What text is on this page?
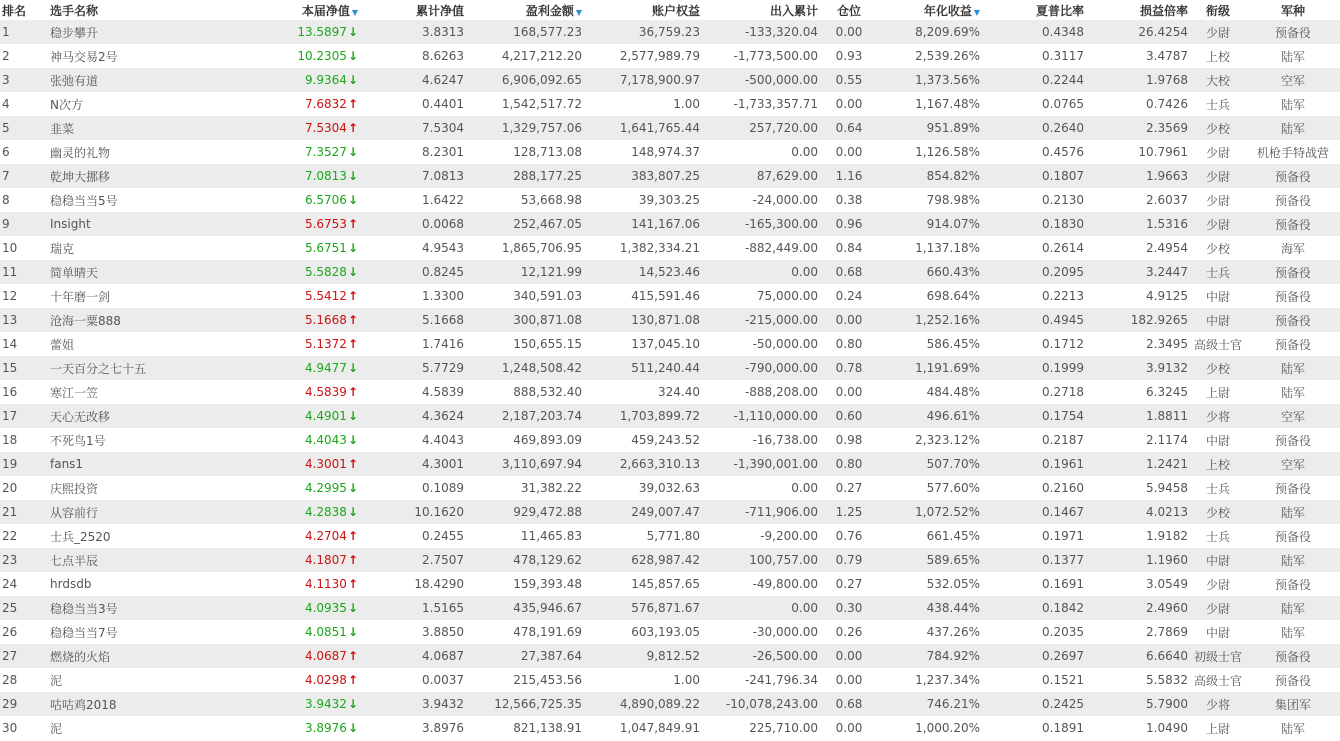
排名	选手名称	本届净值 ▼	累计净值	盈利金额 ▼	账户权益	出入累计	仓位	年化收益 ▼	夏普比率	损益倍率	衔级	军种
1	稳步攀升	13.5897↓	3.8313	168,577.23	36,759.23	-133,320.04	0.00	8,209.69%	0.4348	26.4254	少尉	预备役
2	神马交易2号	10.2305↓	8.6263	4,217,212.20	2,577,989.79	-1,773,500.00	0.93	2,539.26%	0.3117	3.4787	上校	陆军
3	张弛有道	9.9364↓	4.6247	6,906,092.65	7,178,900.97	-500,000.00	0.55	1,373.56%	0.2244	1.9768	大校	空军
4	N次方	7.6832↑	0.4401	1,542,517.72	1.00	-1,733,357.71	0.00	1,167.48%	0.0765	0.7426	士兵	陆军
5	韭菜	7.5304↑	7.5304	1,329,757.06	1,641,765.44	257,720.00	0.64	951.89%	0.2640	2.3569	少校	陆军
6	幽灵的礼物	7.3527↓	8.2301	128,713.08	148,974.37	0.00	0.00	1,126.58%	0.4576	10.7961	少尉	机枪手特战营
7	乾坤大挪移	7.0813↓	7.0813	288,177.25	383,807.25	87,629.00	1.16	854.82%	0.1807	1.9663	少尉	预备役
8	稳稳当当5号	6.5706↓	1.6422	53,668.98	39,303.25	-24,000.00	0.38	798.98%	0.2130	2.6037	少尉	预备役
9	Insight	5.6753↑	0.0068	252,467.05	141,167.06	-165,300.00	0.96	914.07%	0.1830	1.5316	少尉	预备役
10	瑞克	5.6751↓	4.9543	1,865,706.95	1,382,334.21	-882,449.00	0.84	1,137.18%	0.2614	2.4954	少校	海军
11	简单晴天	5.5828↓	0.8245	12,121.99	14,523.46	0.00	0.68	660.43%	0.2095	3.2447	士兵	预备役
12	十年磨一剑	5.5412↑	1.3300	340,591.03	415,591.46	75,000.00	0.24	698.64%	0.2213	4.9125	中尉	预备役
13	沧海一粟888	5.1668↑	5.1668	300,871.08	130,871.08	-215,000.00	0.00	1,252.16%	0.4945	182.9265	中尉	预备役
14	蕾姐	5.1372↑	1.7416	150,655.15	137,045.10	-50,000.00	0.80	586.45%	0.1712	2.3495	高级士官	预备役
15	一天百分之七十五	4.9477↓	5.7729	1,248,508.42	511,240.44	-790,000.00	0.78	1,191.69%	0.1999	3.9132	少校	陆军
16	寒江一笠	4.5839↑	4.5839	888,532.40	324.40	-888,208.00	0.00	484.48%	0.2718	6.3245	上尉	陆军
17	天心无改移	4.4901↓	4.3624	2,187,203.74	1,703,899.72	-1,110,000.00	0.60	496.61%	0.1754	1.8811	少将	空军
18	不死鸟1号	4.4043↓	4.4043	469,893.09	459,243.52	-16,738.00	0.98	2,323.12%	0.2187	2.1174	中尉	预备役
19	fans1	4.3001↑	4.3001	3,110,697.94	2,663,310.13	-1,390,001.00	0.80	507.70%	0.1961	1.2421	上校	空军
20	庆熙投资	4.2995↓	0.1089	31,382.22	39,032.63	0.00	0.27	577.60%	0.2160	5.9458	士兵	预备役
21	从容前行	4.2838↓	10.1620	929,472.88	249,007.47	-711,906.00	1.25	1,072.52%	0.1467	4.0213	少校	陆军
22	士兵_2520	4.2704↑	0.2455	11,465.83	5,771.80	-9,200.00	0.76	661.45%	0.1971	1.9182	士兵	预备役
23	七点半辰	4.1807↑	2.7507	478,129.62	628,987.42	100,757.00	0.79	589.65%	0.1377	1.1960	中尉	陆军
24	hrdsdb	4.1130↑	18.4290	159,393.48	145,857.65	-49,800.00	0.27	532.05%	0.1691	3.0549	少尉	预备役
25	稳稳当当3号	4.0935↓	1.5165	435,946.67	576,871.67	0.00	0.30	438.44%	0.1842	2.4960	少尉	陆军
26	稳稳当当7号	4.0851↓	3.8850	478,191.69	603,193.05	-30,000.00	0.26	437.26%	0.2035	2.7869	中尉	陆军
27	燃烧的火焰	4.0687↑	4.0687	27,387.64	9,812.52	-26,500.00	0.00	784.92%	0.2697	6.6640	初级士官	预备役
28	泥	4.0298↑	0.0037	215,453.56	1.00	-241,796.34	0.00	1,237.34%	0.1521	5.5832	高级士官	预备役
29	咕咕鸡2018	3.9432↓	3.9432	12,566,725.35	4,890,089.22	-10,078,243.00	0.68	746.21%	0.2425	5.7900	少将	集团军
30	泥	3.8976↓	3.8976	821,138.91	1,047,849.91	225,710.00	0.00	1,000.20%	0.1891	1.0490	上尉	陆军
